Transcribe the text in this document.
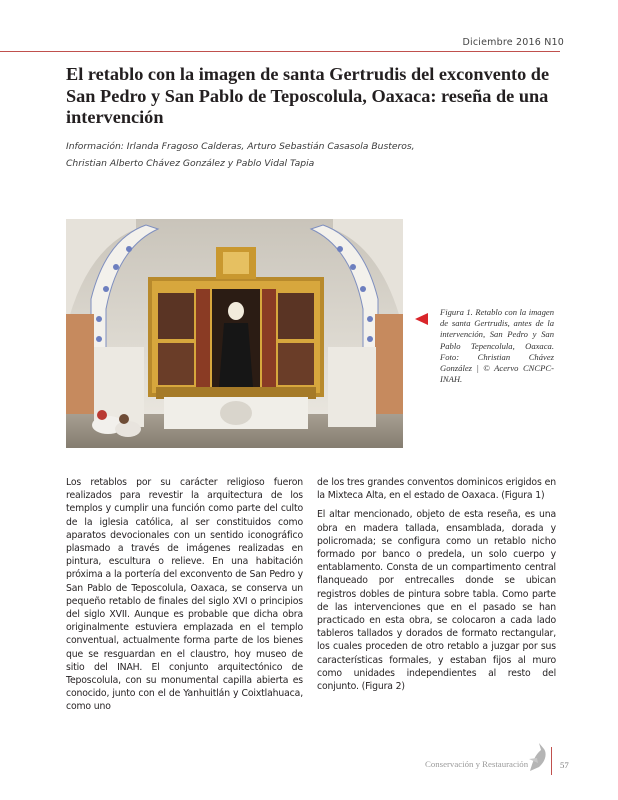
Diciembre 2016 N10
El retablo con la imagen de santa Gertrudis del exconvento de San Pedro y San Pablo de Teposcolula, Oaxaca: reseña de una intervención
Información: Irlanda Fragoso Calderas, Arturo Sebastián Casasola Busteros,
Christian Alberto Chávez González y Pablo Vidal Tapia
Figura 1. Retablo con la imagen de santa Gertrudis, antes de la intervención, San Pedro y San Pablo Tepencolula, Oaxaca. Foto: Christian Chávez González | © Acervo CNCPC-INAH.

Los retablos por su carácter religioso fueron realizados para revestir la arquitectura de los templos y cumplir una función como parte del culto de la iglesia católica, al ser constituidos como aparatos devocionales con un sentido iconográfico plasmado a través de imágenes realizadas en pintura, escultura o relieve. En una habitación próxima a la portería del exconvento de San Pedro y San Pablo de Teposcolula, Oaxaca, se conserva un pequeño retablo de finales del siglo XVI o principios del siglo XVII. Aunque es probable que dicha obra originalmente estuviera emplazada en el templo conventual, actualmente forma parte de los bienes que se resguardan en el claustro, hoy museo de sitio del INAH. El conjunto arquitectónico de Teposcolula, con su monumental capilla abierta es conocido, junto con el de Yanhuitlán y Coixtlahuaca, como uno

de los tres grandes conventos dominicos erigidos en la Mixteca Alta, en el estado de Oaxaca. (Figura 1)

El altar mencionado, objeto de esta reseña, es una obra en madera tallada, ensamblada, dorada y policromada; se configura como un retablo nicho formado por banco o predela, un solo cuerpo y entablamento. Consta de un compartimento central flanqueado por entrecalles donde se ubican registros dobles de pintura sobre tabla. Como parte de las intervenciones que en el pasado se han practicado en esta obra, se colocaron a cada lado tableros tallados y dorados de formato rectangular, los cuales proceden de otro retablo a juzgar por sus características formales, y estaban fijos al muro como unidades independientes al resto del conjunto. (Figura 2)

Conservación y Restauración	57
